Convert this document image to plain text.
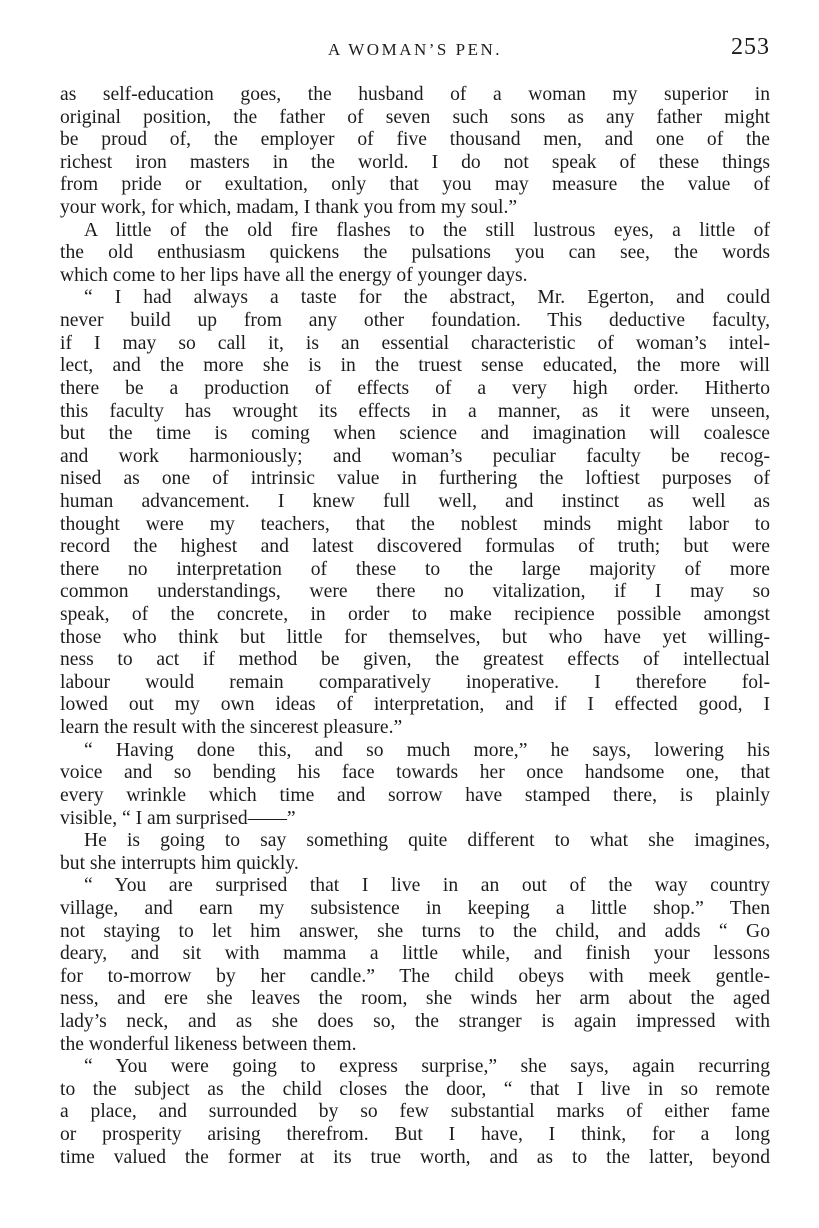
A WOMAN’S PEN.	253
as self-education goes, the husband of a woman my superior in
original position, the father of seven such sons as any father might
be proud of, the employer of five thousand men, and one of the
richest iron masters in the world. I do not speak of these things
from pride or exultation, only that you may measure the value of
your work, for which, madam, I thank you from my soul.”
A little of the old fire flashes to the still lustrous eyes, a little of
the old enthusiasm quickens the pulsations you can see, the words
which come to her lips have all the energy of younger days.
“ I had always a taste for the abstract, Mr. Egerton, and could
never build up from any other foundation. This deductive faculty,
if I may so call it, is an essential characteristic of woman’s intel-
lect, and the more she is in the truest sense educated, the more will
there be a production of effects of a very high order. Hitherto
this faculty has wrought its effects in a manner, as it were unseen,
but the time is coming when science and imagination will coalesce
and work harmoniously; and woman’s peculiar faculty be recog-
nised as one of intrinsic value in furthering the loftiest purposes of
human advancement. I knew full well, and instinct as well as
thought were my teachers, that the noblest minds might labor to
record the highest and latest discovered formulas of truth; but were
there no interpretation of these to the large majority of more
common understandings, were there no vitalization, if I may so
speak, of the concrete, in order to make recipience possible amongst
those who think but little for themselves, but who have yet willing-
ness to act if method be given, the greatest effects of intellectual
labour would remain comparatively inoperative. I therefore fol-
lowed out my own ideas of interpretation, and if I effected good, I
learn the result with the sincerest pleasure.”
“ Having done this, and so much more,” he says, lowering his
voice and so bending his face towards her once handsome one, that
every wrinkle which time and sorrow have stamped there, is plainly
visible, “ I am surprised——”
He is going to say something quite different to what she imagines,
but she interrupts him quickly.
“ You are surprised that I live in an out of the way country
village, and earn my subsistence in keeping a little shop.” Then
not staying to let him answer, she turns to the child, and adds “ Go
deary, and sit with mamma a little while, and finish your lessons
for to-morrow by her candle.” The child obeys with meek gentle-
ness, and ere she leaves the room, she winds her arm about the aged
lady’s neck, and as she does so, the stranger is again impressed with
the wonderful likeness between them.
“ You were going to express surprise,” she says, again recurring
to the subject as the child closes the door, “ that I live in so remote
a place, and surrounded by so few substantial marks of either fame
or prosperity arising therefrom. But I have, I think, for a long
time valued the former at its true worth, and as to the latter, beyond
